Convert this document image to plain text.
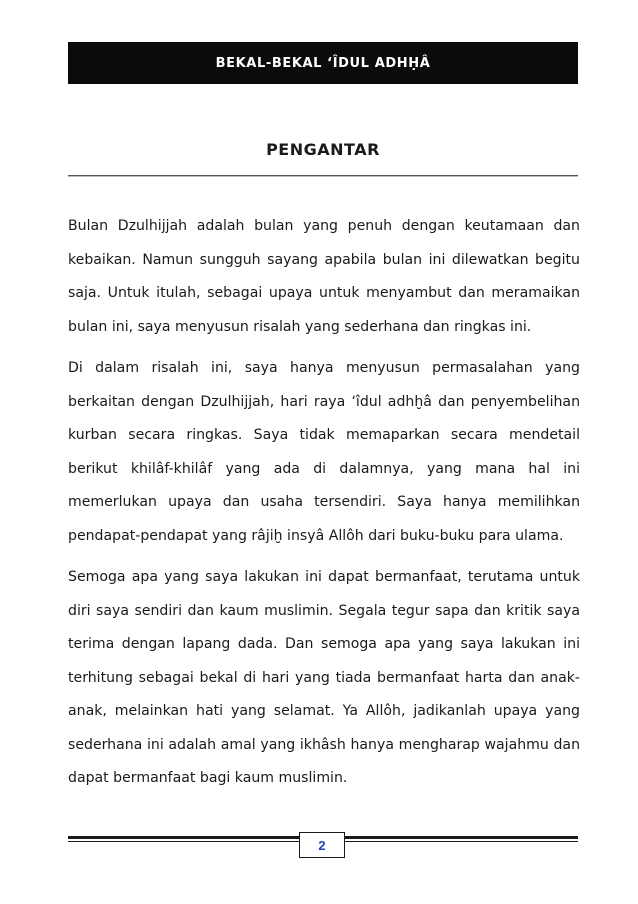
BEKAL-BEKAL ‘ÎDUL ADHḤÂ
PENGANTAR

Bulan Dzulhijjah adalah bulan yang penuh dengan keutamaan dan kebaikan. Namun sungguh sayang apabila bulan ini dilewatkan begitu saja. Untuk itulah, sebagai upaya untuk menyambut dan meramaikan bulan ini, saya menyusun risalah yang sederhana dan ringkas ini.

Di dalam risalah ini, saya hanya menyusun permasalahan yang berkaitan dengan Dzulhijjah, hari raya ‘îdul adhḫâ dan penyembelihan kurban secara ringkas. Saya tidak memaparkan secara mendetail berikut khilâf-khilâf yang ada di dalamnya, yang mana hal ini memerlukan upaya dan usaha tersendiri. Saya hanya memilihkan pendapat-pendapat yang râjiḫ insyâ Allôh dari buku-buku para ulama.

Semoga apa yang saya lakukan ini dapat bermanfaat, terutama untuk diri saya sendiri dan kaum muslimin. Segala tegur sapa dan kritik saya terima dengan lapang dada. Dan semoga apa yang saya lakukan ini terhitung sebagai bekal di hari yang tiada bermanfaat harta dan anak-anak, melainkan hati yang selamat. Ya Allôh, jadikanlah upaya yang sederhana ini adalah amal yang ikhâsh hanya mengharap wajahmu dan dapat bermanfaat bagi kaum muslimin.

2
